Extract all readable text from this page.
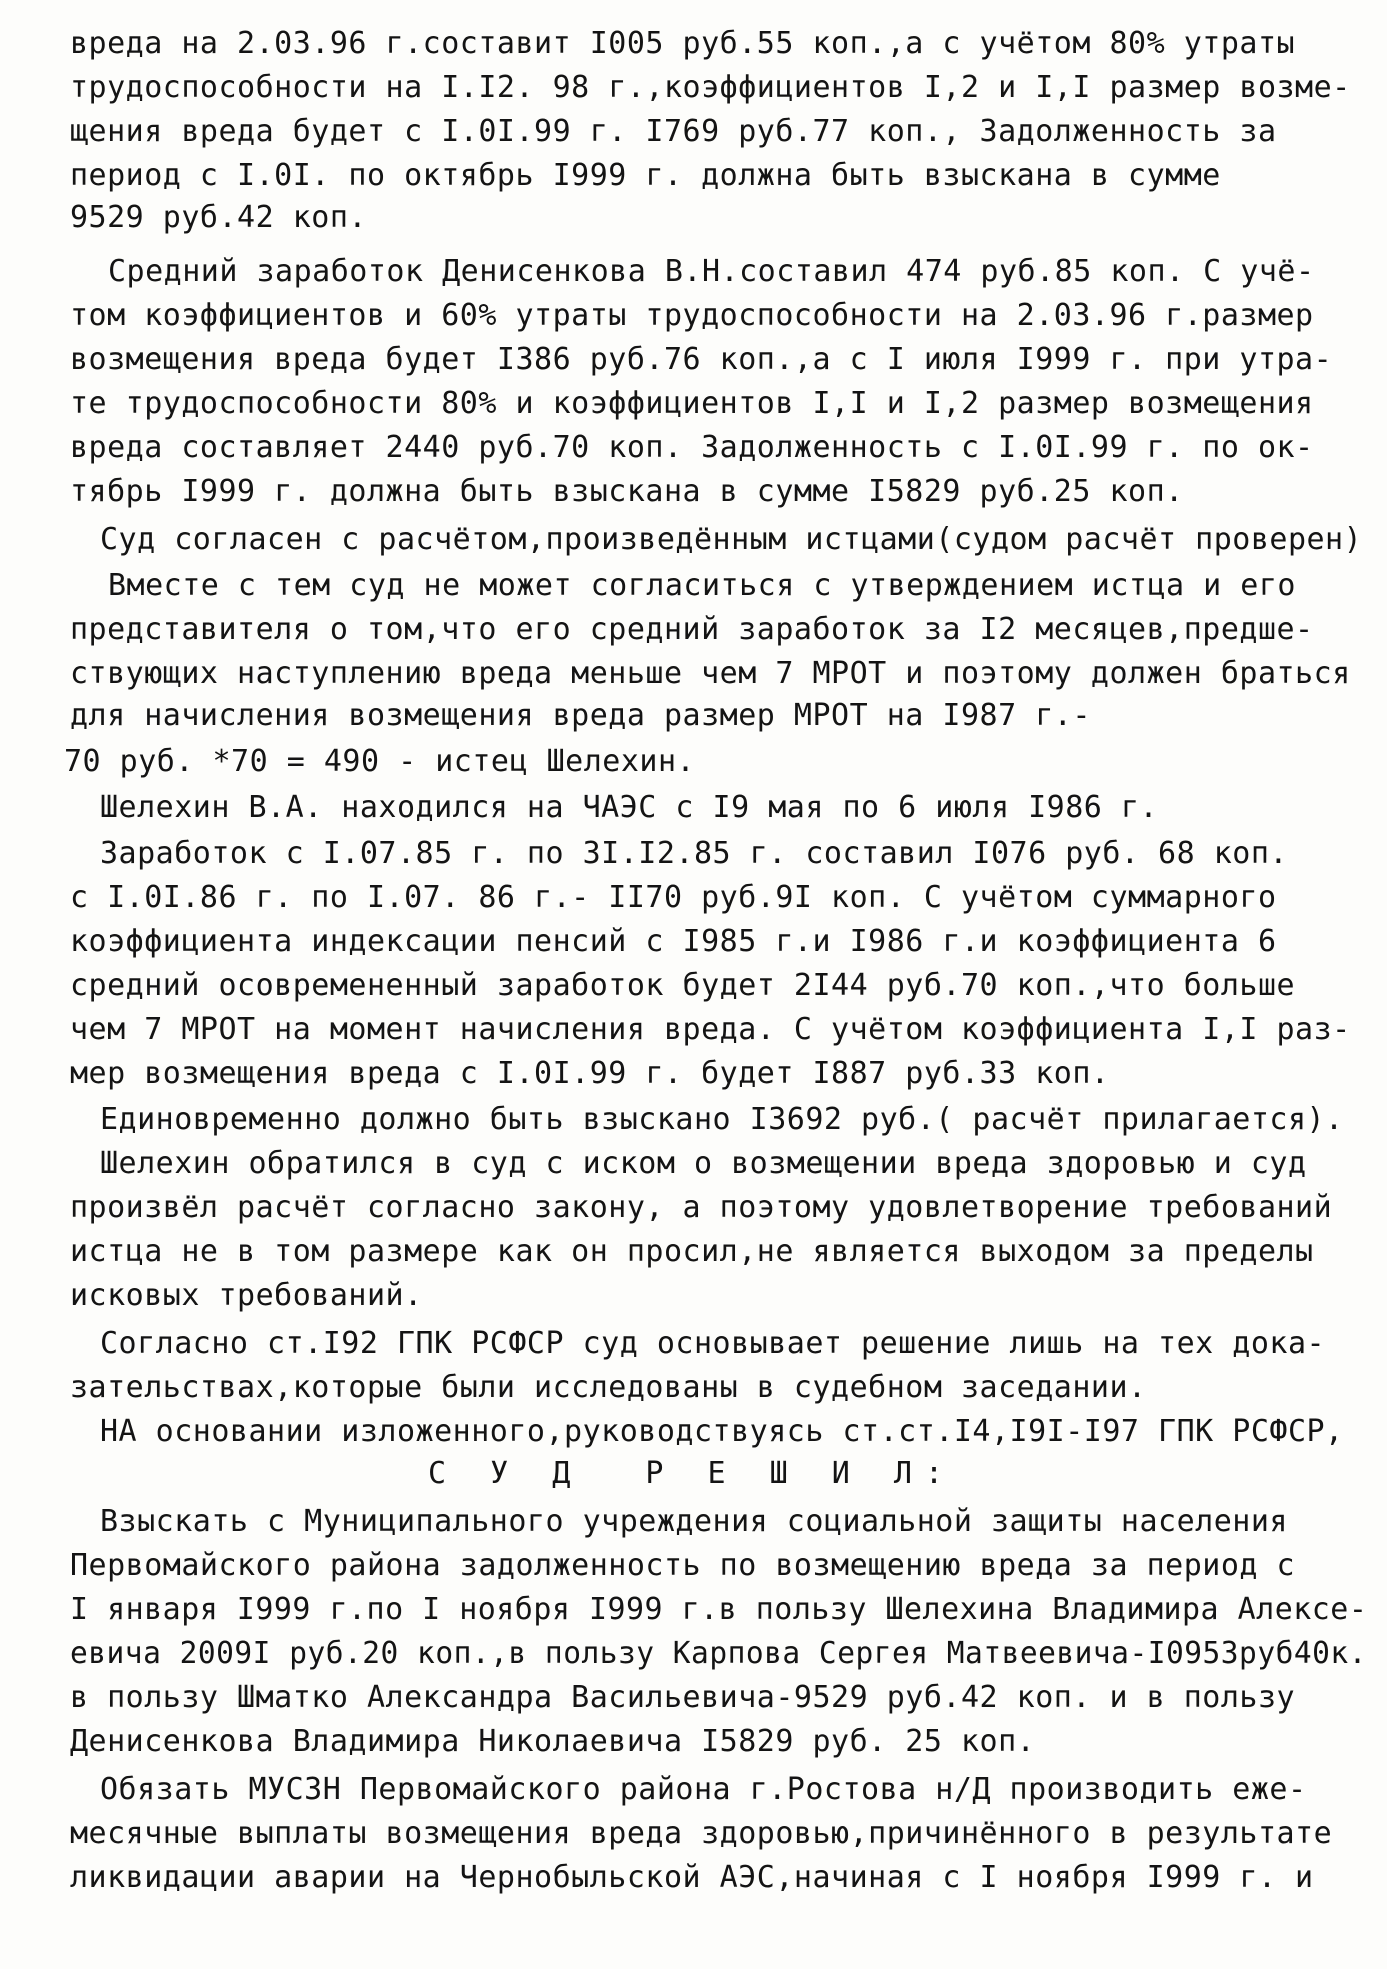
вреда на 2.03.96 г.составит I005 руб.55 коп.,а с учётом 80% утраты
трудоспособности на I.I2. 98 г.,коэффициентов I,2 и I,I размер возме-
щения вреда будет с I.0I.99 г. I769 руб.77 коп., Задолженность за
период с I.0I. по октябрь I999 г. должна быть взыскана в сумме
9529 руб.42 коп.
Средний заработок Денисенкова В.Н.составил 474 руб.85 коп. С учё-
том коэффициентов и 60% утраты трудоспособности на 2.03.96 г.размер
возмещения вреда будет I386 руб.76 коп.,а с I июля I999 г. при утра-
те трудоспособности 80% и коэффициентов I,I и I,2 размер возмещения
вреда составляет 2440 руб.70 коп. Задолженность с I.0I.99 г. по ок-
тябрь I999 г. должна быть взыскана в сумме I5829 руб.25 коп.
Суд согласен с расчётом,произведённым истцами(судом расчёт проверен)
Вместе с тем суд не может согласиться с утверждением истца и его
представителя о том,что его средний заработок за I2 месяцев,предше-
ствующих наступлению вреда меньше чем 7 МРОТ и поэтому должен браться
для начисления возмещения вреда размер МРОТ на I987 г.-
70 руб. *70 = 490 - истец Шелехин.
Шелехин В.А. находился на ЧАЭС с I9 мая по 6 июля I986 г.
Заработок с I.07.85 г. по 3I.I2.85 г. составил I076 руб. 68 коп.
с I.0I.86 г. по I.07. 86 г.- II70 руб.9I коп. С учётом суммарного
коэффициента индексации пенсий с I985 г.и I986 г.и коэффициента 6
средний осовремененный заработок будет 2I44 руб.70 коп.,что больше
чем 7 МРОТ на момент начисления вреда. С учётом коэффициента I,I раз-
мер возмещения вреда с I.0I.99 г. будет I887 руб.33 коп.
Единовременно должно быть взыскано I3692 руб.( расчёт прилагается).
Шелехин обратился в суд с иском о возмещении вреда здоровью и суд
произвёл расчёт согласно закону, а поэтому удовлетворение требований
истца не в том размере как он просил,не является выходом за пределы
исковых требований.
Согласно ст.I92 ГПК РСФСР суд основывает решение лишь на тех дока-
зательствах,которые были исследованы в судебном заседании.
НА основании изложенного,руководствуясь ст.ст.I4,I9I-I97 ГПК РСФСР,
С У Д  Р Е Ш И Л:
Взыскать с Муниципального учреждения социальной защиты населения
Первомайского района задолженность по возмещению вреда за период с
I января I999 г.по I ноября I999 г.в пользу Шелехина Владимира Алексе-
евича 2009I руб.20 коп.,в пользу Карпова Сергея Матвеевича-I0953руб40к.
в пользу Шматко Александра Васильевича-9529 руб.42 коп. и в пользу
Денисенкова Владимира Николаевича I5829 руб. 25 коп.
Обязать МУСЗН Первомайского района г.Ростова н/Д производить еже-
месячные выплаты возмещения вреда здоровью,причинённого в результате
ликвидации аварии на Чернобыльской АЭС,начиная с I ноября I999 г. и
